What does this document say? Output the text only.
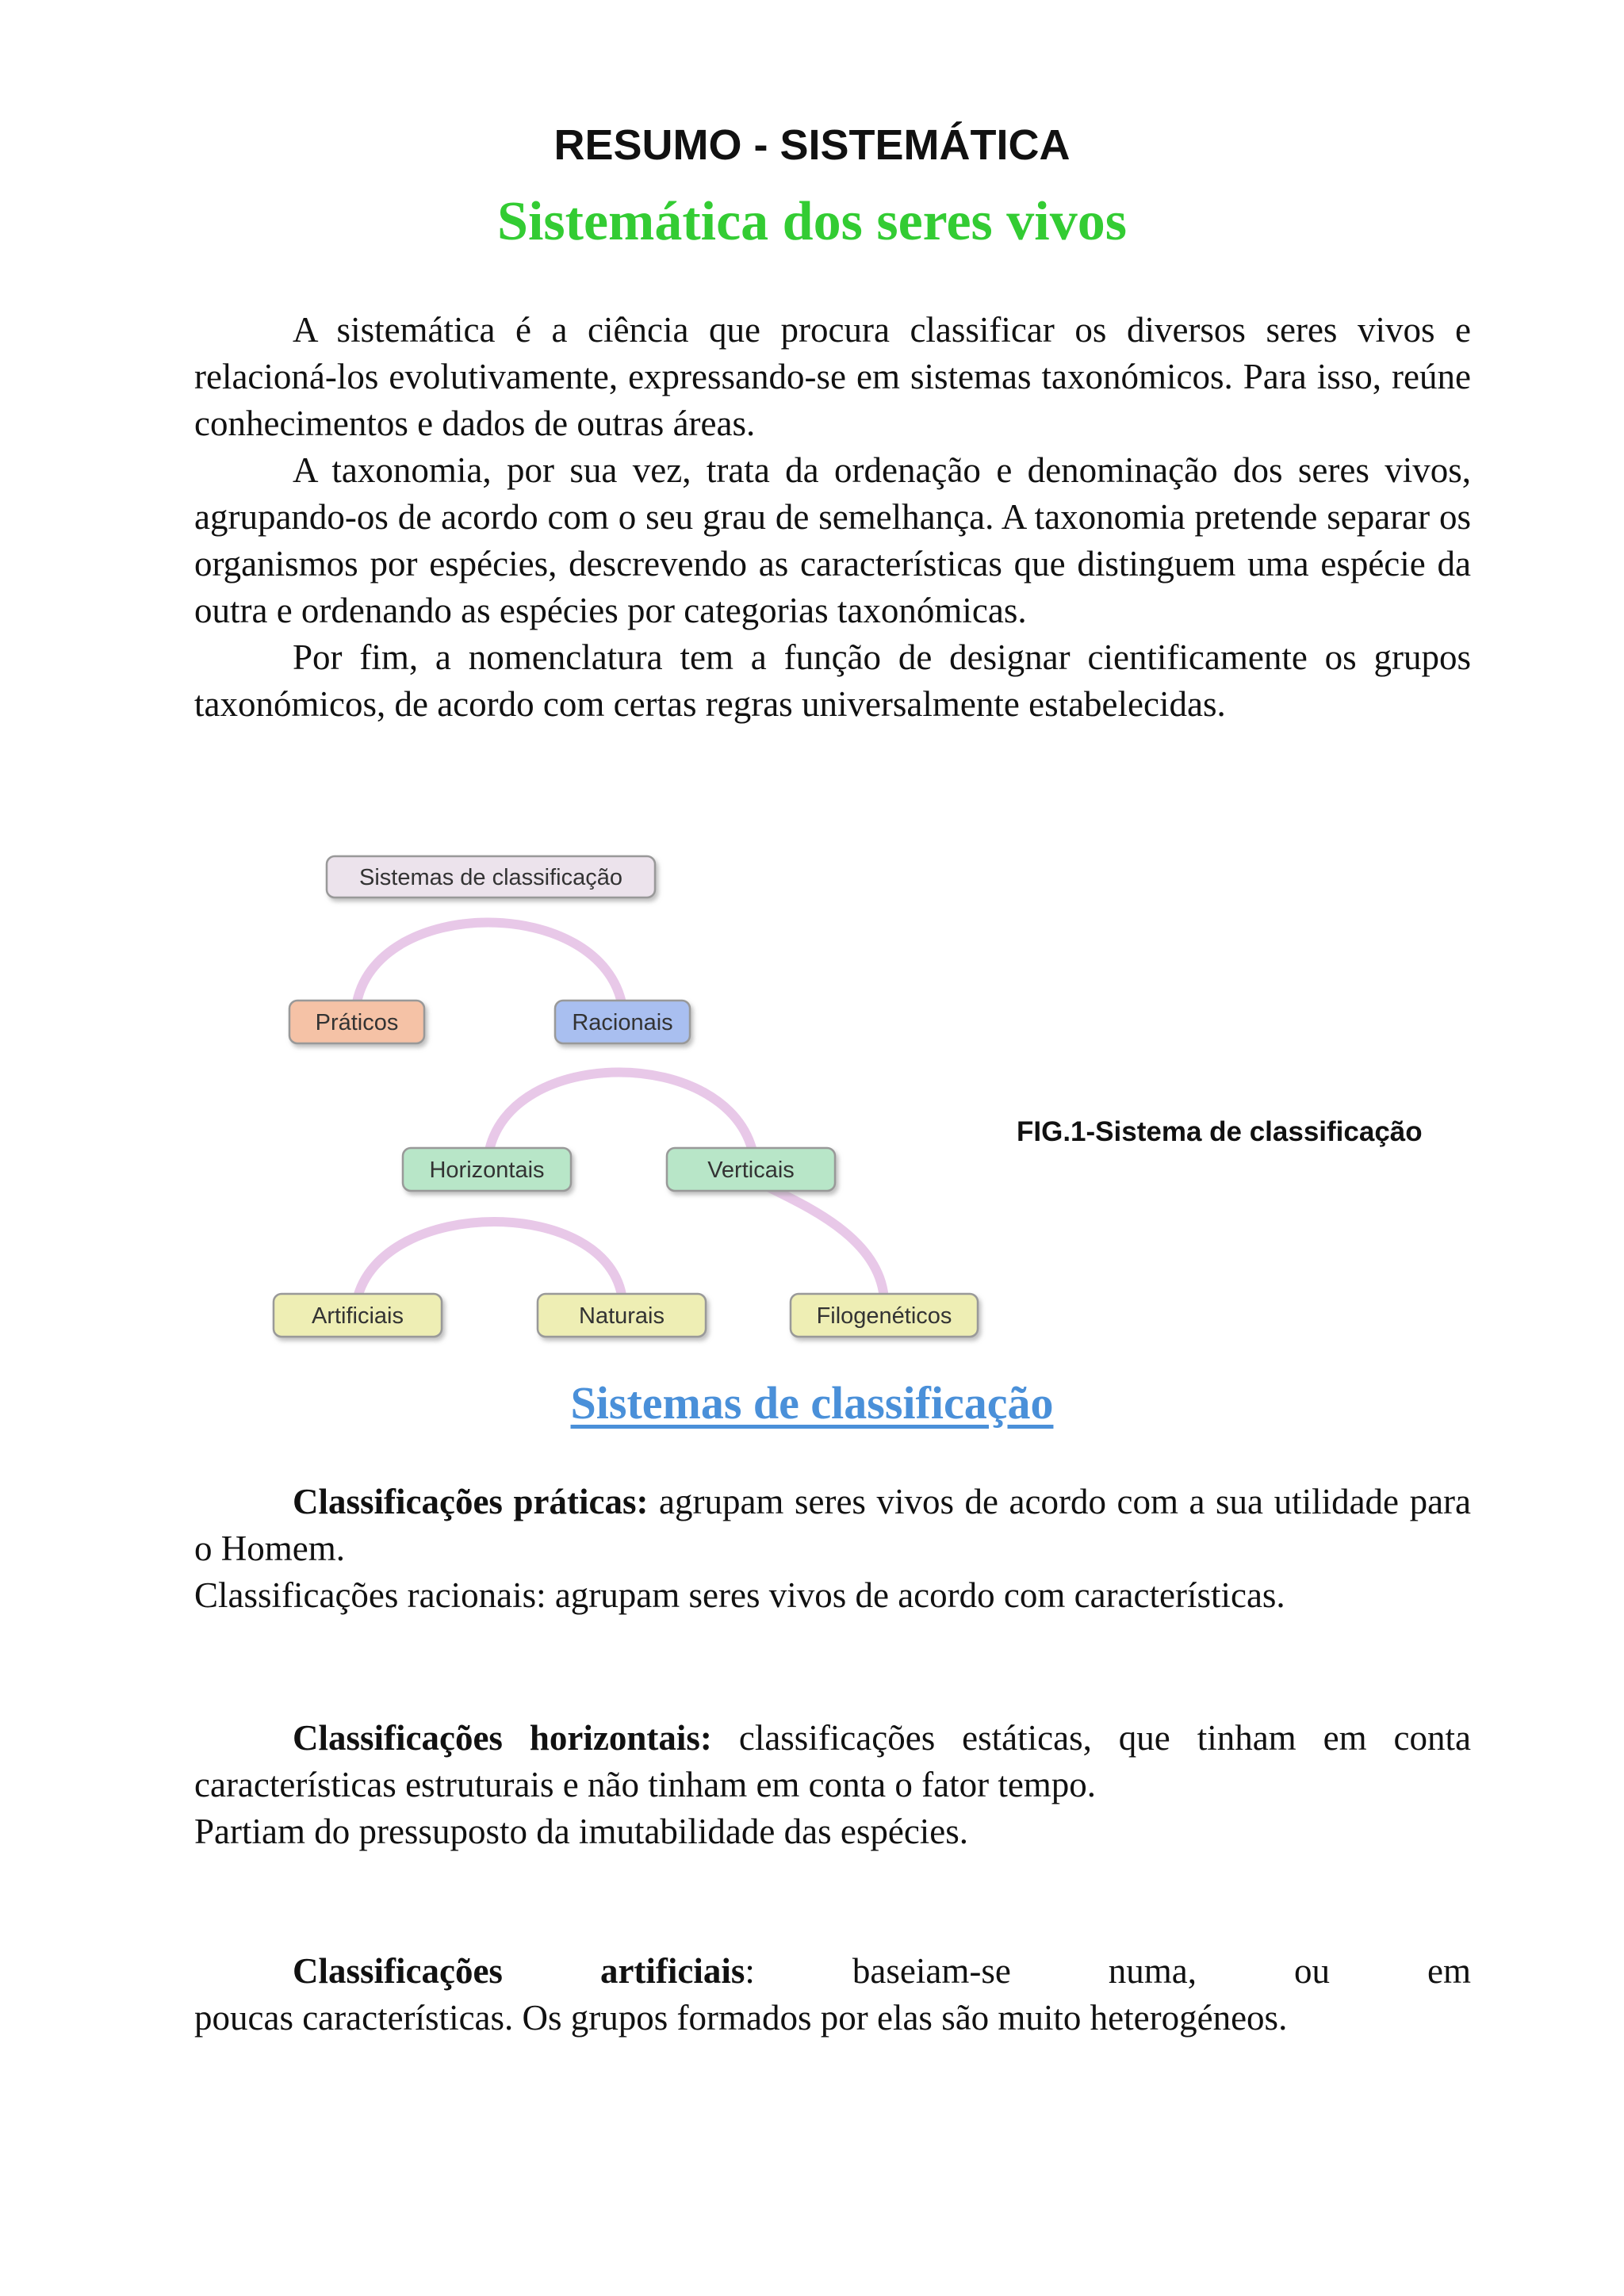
RESUMO - SISTEMÁTICA
Sistemática dos seres vivos

A sistemática é a ciência que procura classificar os diversos seres vivos e relacioná-los evolutivamente, expressando-se em sistemas taxonómicos. Para isso, reúne conhecimentos e dados de outras áreas.

A taxonomia, por sua vez, trata da ordenação e denominação dos seres vivos, agrupando-os de acordo com o seu grau de semelhança. A taxonomia pretende separar os organismos por espécies, descrevendo as características que distinguem uma espécie da outra e ordenando as espécies por categorias taxonómicas.

Por fim, a nomenclatura tem a função de designar cientificamente os grupos taxonómicos, de acordo com certas regras universalmente estabelecidas.

Sistemas de classificação
Práticos	Racionais
Horizontais	Verticais
Artificiais	Naturais	Filogenéticos
FIG.1-Sistema de classificação
Sistemas de classificação

Classificações práticas: agrupam seres vivos de acordo com a sua utilidade para o Homem.

Classificações racionais: agrupam seres vivos de acordo com características.

Classificações horizontais: classificações estáticas, que tinham em conta características estruturais e não tinham em conta o fator tempo.

Partiam do pressuposto da imutabilidade das espécies.

Classificações	artificiais:	baseiam-se	numa,	ou	em

poucas características. Os grupos formados por elas são muito heterogéneos.
